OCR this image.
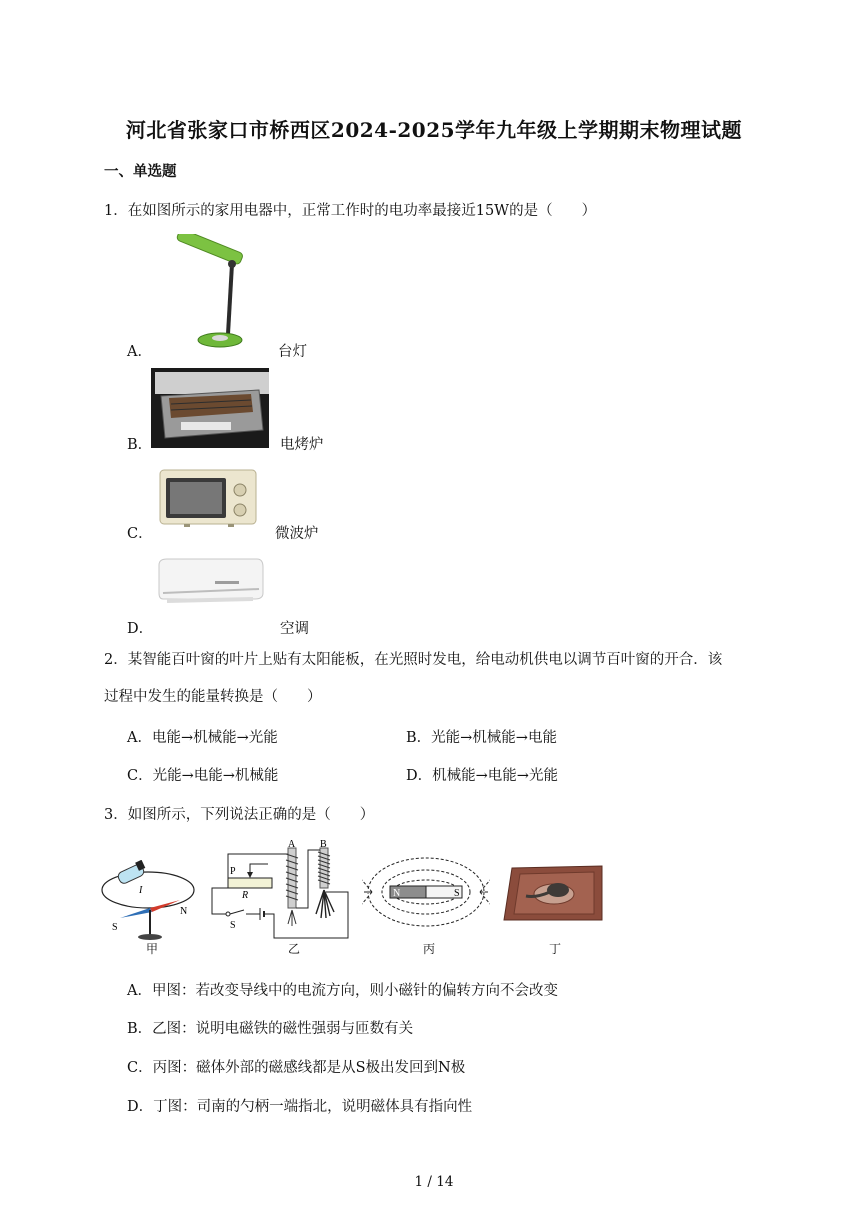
河北省张家口市桥西区2024-2025学年九年级上学期期末物理试题
一、单选题
1．在如图所示的家用电器中，正常工作时的电功率最接近15W的是（　　）
A．	台灯
B．	电烤炉
C．	微波炉
D．	空调
2．某智能百叶窗的叶片上贴有太阳能板，在光照时发电，给电动机供电以调节百叶窗的开合．该
过程中发生的能量转换是（　　）
A．电能→机械能→光能	B．光能→机械能→电能
C．光能→电能→机械能	D．机械能→电能→光能
3．如图所示，下列说法正确的是（　　）
I
S
N
甲
A B
P
R
S
乙
N	S
丙	丁
A．甲图：若改变导线中的电流方向，则小磁针的偏转方向不会改变
B．乙图：说明电磁铁的磁性强弱与匝数有关
C．丙图：磁体外部的磁感线都是从S极出发回到N极
D．丁图：司南的勺柄一端指北，说明磁体具有指向性
1 / 14
